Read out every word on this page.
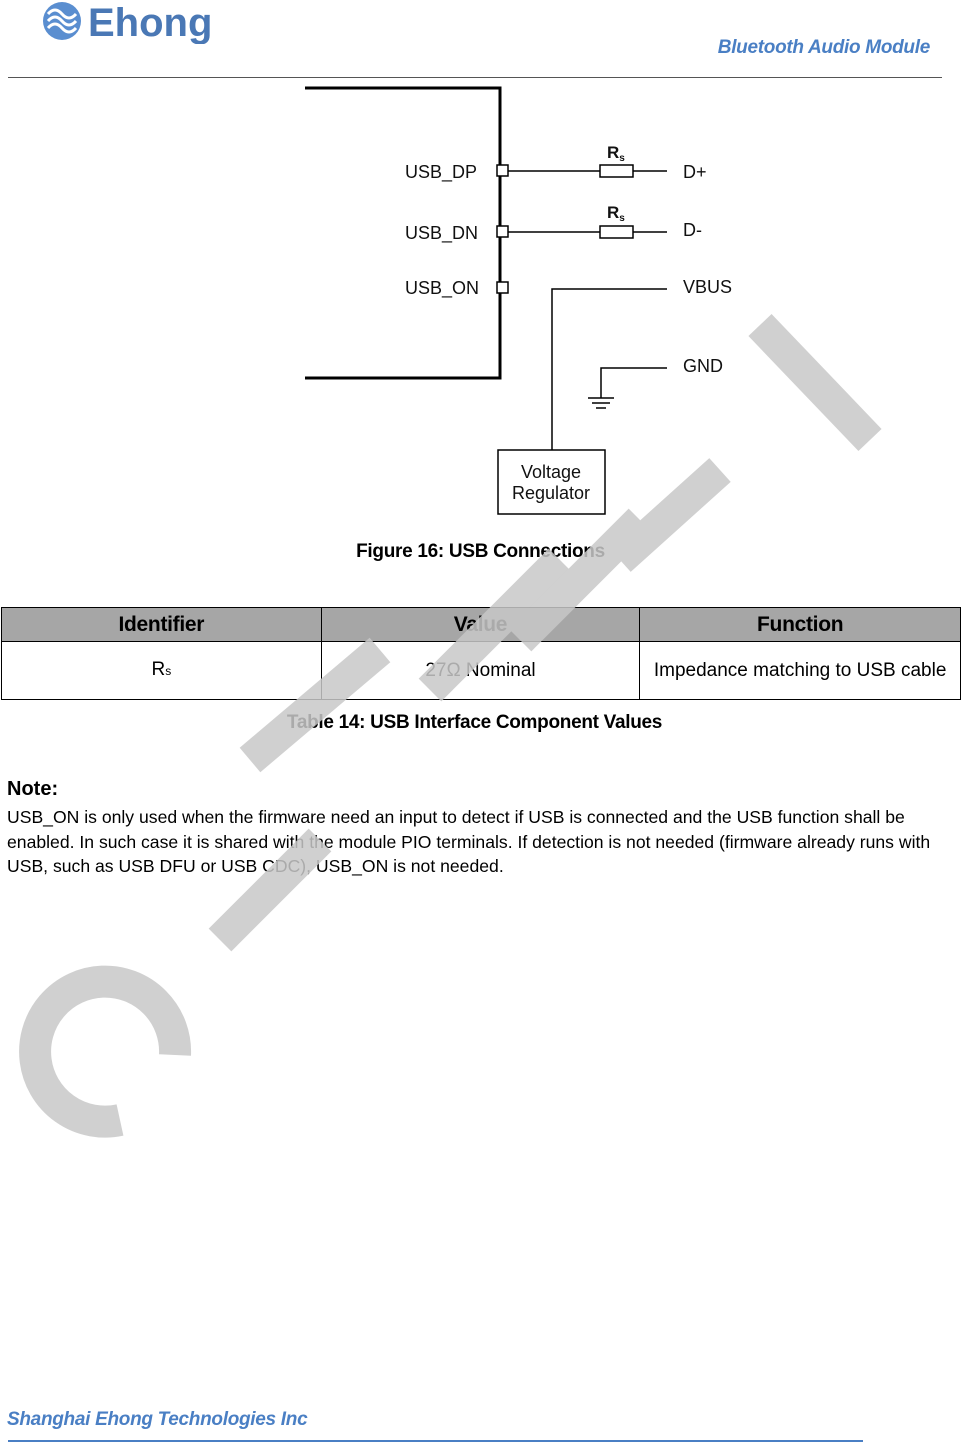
Ehong
Bluetooth Audio Module
USB_DP
USB_DN
USB_ON
Rs
Rs
D+
D-
VBUS
GND
Voltage
Regulator
Figure 16: USB Connections
Identifier	Value	Function
Rs	27Ω Nominal	Impedance matching to USB cable
Table 14: USB Interface Component Values
Note:
USB_ON is only used when the firmware need an input to detect if USB is connected and the USB function shall be enabled. In such case it is shared with the module PIO terminals. If detection is not needed (firmware already runs with USB, such as USB DFU or USB CDC), USB_ON is not needed.
Shanghai Ehong Technologies Inc
